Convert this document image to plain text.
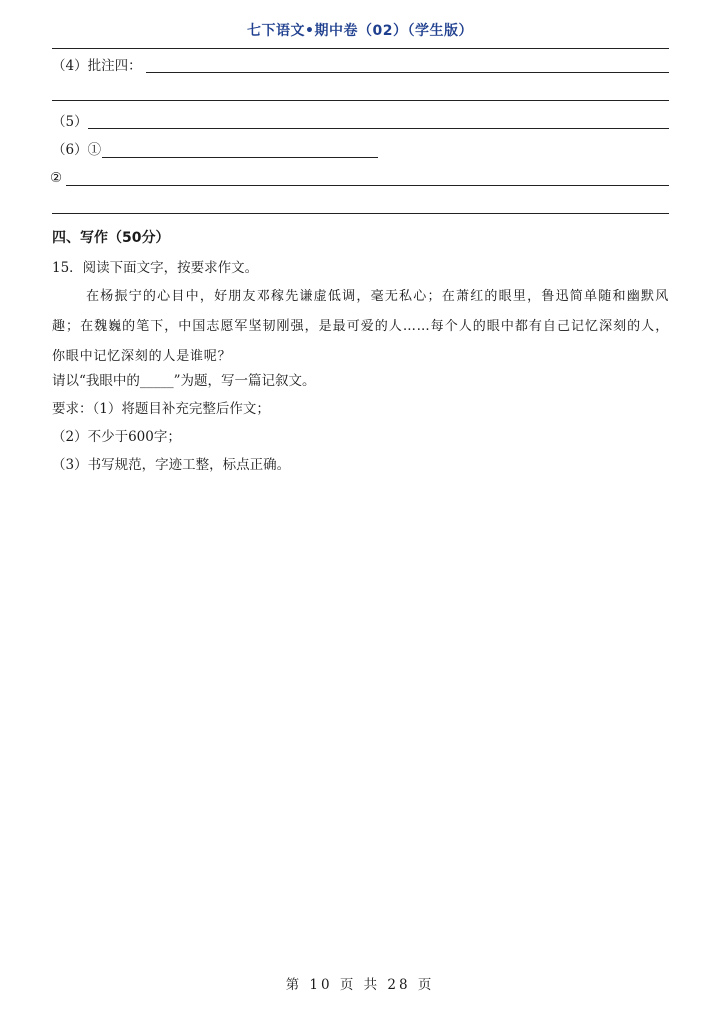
七下语文•期中卷（02）（学生版）
（4）批注四：
（5）
（6）①
②
四、写作（50分）
15．阅读下面文字，按要求作文。
在杨振宁的心目中，好朋友邓稼先谦虚低调，毫无私心；在萧红的眼里，鲁迅简单随和幽默风趣；在魏巍的笔下，中国志愿军坚韧刚强，是最可爱的人……每个人的眼中都有自己记忆深刻的人，你眼中记忆深刻的人是谁呢？
请以“我眼中的_____”为题，写一篇记叙文。
要求：（1）将题目补充完整后作文；
（2）不少于600字；
（3）书写规范，字迹工整，标点正确。
第 10 页 共 28 页
